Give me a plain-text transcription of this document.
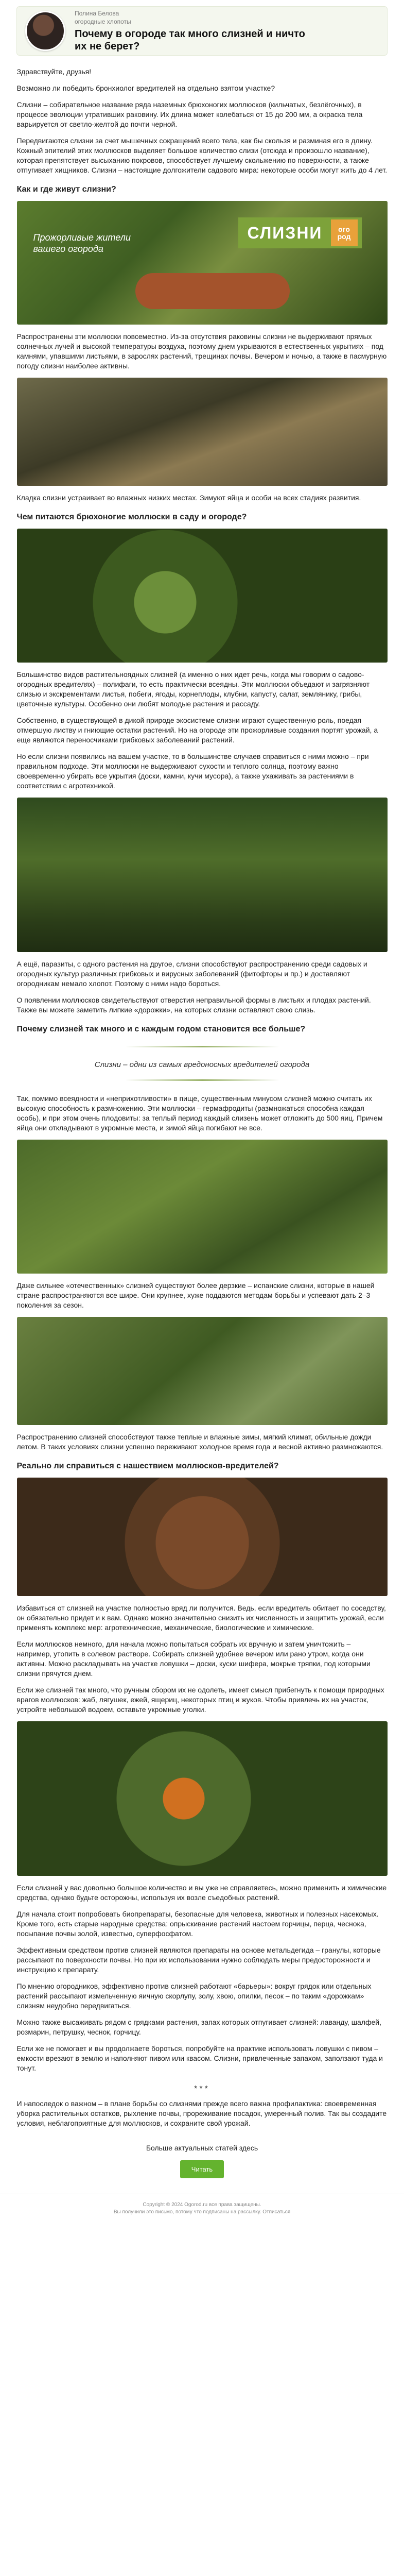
Полина Белова
огородные хлопоты
Почему в огороде так много слизней и ничто их не берет?

Здравствуйте, друзья!

Возможно ли победить бронхиолог вредителей на отдельно взятом участке?

Слизни – собирательное название ряда наземных брюхоногих моллюсков (кильчатых, безлёгочных), в процессе эволюции утративших раковину. Их длина может колебаться от 15 до 200 мм, а окраска тела варьируется от светло-желтой до почти черной.

Передвигаются слизни за счет мышечных сокращений всего тела, как бы скользя и разминая его в длину. Кожный эпителий этих моллюсков выделяет большое количество слизи (отсюда и произошло название), которая препятствует высыханию покровов, способствует лучшему скольжению по поверхности, а также отпугивает хищников. Слизни – настоящие долгожители садового мира: некоторые особи могут жить до 4 лет.

Как и где живут слизни?
Прожорливые жители вашего огорода
СЛИЗНИ	ого род

Распространены эти моллюски повсеместно. Из-за отсутствия раковины слизни не выдерживают прямых солнечных лучей и высокой температуры воздуха, поэтому днем укрываются в естественных укрытиях – под камнями, упавшими листьями, в зарослях растений, трещинах почвы. Вечером и ночью, а также в пасмурную погоду слизни наиболее активны.

Кладка слизни устраивает во влажных низких местах. Зимуют яйца и особи на всех стадиях развития.

Чем питаются брюхоногие моллюски в саду и огороде?

Большинство видов растительноядных слизней (а именно о них идет речь, когда мы говорим о садово-огородных вредителях) – полифаги, то есть практически всеядны. Эти моллюски объедают и загрязняют слизью и экскрементами листья, побеги, ягоды, корнеплоды, клубни, капусту, салат, землянику, грибы, цветочные культуры. Особенно они любят молодые растения и рассаду.

Собственно, в существующей в дикой природе экосистеме слизни играют существенную роль, поедая отмершую листву и гниющие остатки растений. Но на огороде эти прожорливые создания портят урожай, а еще являются переносчиками грибковых заболеваний растений.

Но если слизни появились на вашем участке, то в большинстве случаев справиться с ними можно – при правильном подходе. Эти моллюски не выдерживают сухости и теплого солнца, поэтому важно своевременно убирать все укрытия (доски, камни, кучи мусора), а также ухаживать за растениями в соответствии с агротехникой.

А ещё, паразиты, с одного растения на другое, слизни способствуют распространению среди садовых и огородных культур различных грибковых и вирусных заболеваний (фитофторы и пр.) и доставляют огородникам немало хлопот. Поэтому с ними надо бороться.

О появлении моллюсков свидетельствуют отверстия неправильной формы в листьях и плодах растений. Также вы можете заметить липкие «дорожки», на которых слизни оставляют свою слизь.

Почему слизней так много и с каждым годом становится все больше?

Слизни – одни из самых вредоносных вредителей огорода

Так, помимо всеядности и «неприхотливости» в пище, существенным минусом слизней можно считать их высокую способность к размножению. Эти моллюски – гермафродиты (размножаться способна каждая особь), и при этом очень плодовиты: за теплый период каждый слизень может отложить до 500 яиц. Причем яйца они откладывают в укромные места, и зимой яйца погибают не все.

Даже сильнее «отечественных» слизней существуют более дерзкие – испанские слизни, которые в нашей стране распространяются все шире. Они крупнее, хуже поддаются методам борьбы и успевают дать 2–3 поколения за сезон.

Распространению слизней способствуют также теплые и влажные зимы, мягкий климат, обильные дожди летом. В таких условиях слизни успешно переживают холодное время года и весной активно размножаются.

Реально ли справиться с нашествием моллюсков-вредителей?

Избавиться от слизней на участке полностью вряд ли получится. Ведь, если вредитель обитает по соседству, он обязательно придет и к вам. Однако можно значительно снизить их численность и защитить урожай, если применять комплекс мер: агротехнические, механические, биологические и химические.

Если моллюсков немного, для начала можно попытаться собрать их вручную и затем уничтожить – например, утопить в солевом растворе. Собирать слизней удобнее вечером или рано утром, когда они активны. Можно раскладывать на участке ловушки – доски, куски шифера, мокрые тряпки, под которыми слизни прячутся днем.

Если же слизней так много, что ручным сбором их не одолеть, имеет смысл прибегнуть к помощи природных врагов моллюсков: жаб, лягушек, ежей, ящериц, некоторых птиц и жуков. Чтобы привлечь их на участок, устройте небольшой водоем, оставьте укромные уголки.

Если слизней у вас довольно большое количество и вы уже не справляетесь, можно применить и химические средства, однако будьте осторожны, используя их возле съедобных растений.

Для начала стоит попробовать биопрепараты, безопасные для человека, животных и полезных насекомых. Кроме того, есть старые народные средства: опрыскивание растений настоем горчицы, перца, чеснока, посыпание почвы золой, известью, суперфосфатом.

Эффективным средством против слизней являются препараты на основе метальдегида – гранулы, которые рассыпают по поверхности почвы. Но при их использовании нужно соблюдать меры предосторожности и инструкцию к препарату.

По мнению огородников, эффективно против слизней работают «барьеры»: вокруг грядок или отдельных растений рассыпают измельченную яичную скорлупу, золу, хвою, опилки, песок – по таким «дорожкам» слизням неудобно передвигаться.

Можно также высаживать рядом с грядками растения, запах которых отпугивает слизней: лаванду, шалфей, розмарин, петрушку, чеснок, горчицу.

Если же не помогает и вы продолжаете бороться, попробуйте на практике использовать ловушки с пивом – емкости врезают в землю и наполняют пивом или квасом. Слизни, привлеченные запахом, заползают туда и тонут.

***

И напоследок о важном – в плане борьбы со слизнями прежде всего важна профилактика: своевременная уборка растительных остатков, рыхление почвы, прореживание посадок, умеренный полив. Так вы создадите условия, неблагоприятные для моллюсков, и сохраните свой урожай.

Больше актуальных статей здесь

Читать
Copyright © 2024 Ogorod.ru все права защищены.
Вы получили это письмо, потому что подписаны на рассылку. Отписаться
